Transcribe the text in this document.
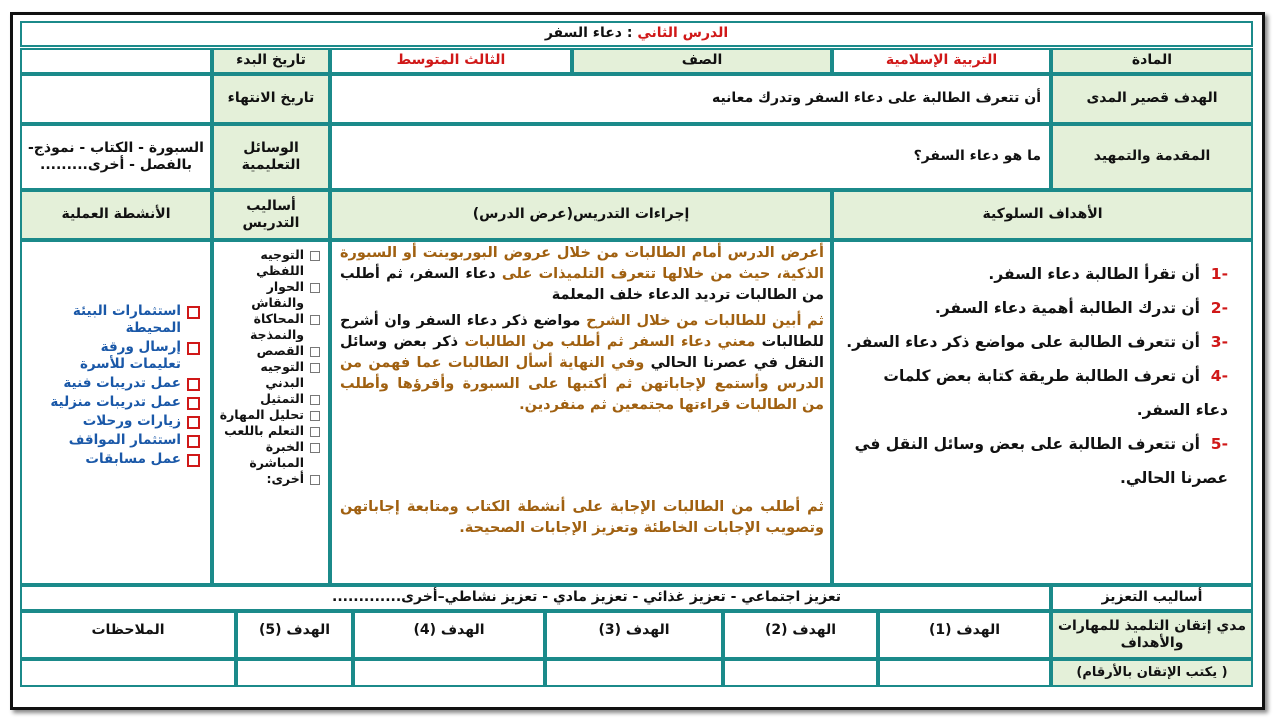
الدرس الثاني : دعاء السفر
المادة
التربية الإسلامية
الصف
الثالث المتوسط
تاريخ البدء
الهدف قصير المدى
أن تتعرف الطالبة على دعاء السفر وتدرك معانيه
تاريخ الانتهاء
المقدمة والتمهيد
ما هو دعاء السفر؟
الوسائل التعليمية
السبورة - الكتاب - نموذج- بالفصل - أخرى.........
الأهداف السلوكية
إجراءات التدريس(عرض الدرس)
أساليب التدريس
الأنشطة العملية
-1  أن تقرأ الطالبة دعاء السفر.
-2  أن تدرك الطالبة أهمية دعاء السفر.
-3  أن تتعرف الطالبة على مواضع ذكر دعاء السفر.
-4  أن تعرف الطالبة طريقة كتابة بعض كلمات دعاء السفر.
-5  أن تتعرف الطالبة على بعض وسائل النقل في عصرنا الحالي.
أعرض الدرس أمام الطالبات من خلال عروض البوربوينت أو السبورة الذكية، حيث من خلالها تتعرف التلميذات على دعاء السفر، ثم أطلب من الطالبات ترديد الدعاء خلف المعلمة
ثم أبين للطالبات من خلال الشرح مواضع ذكر دعاء السفر وان أشرح للطالبات معني دعاء السفر ثم أطلب من الطالبات ذكر بعض وسائل النقل في عصرنا الحالي وفي النهاية أسأل الطالبات عما فهمن من الدرس وأستمع لإجاباتهن ثم أكتبها على السبورة وأقرؤها وأطلب من الطالبات قراءتها مجتمعين ثم منفردين.
ثم أطلب من الطالبات الإجابة على أنشطة الكتاب ومتابعة إجاباتهن وتصويب الإجابات الخاطئة وتعزيز الإجابات الصحيحة.
التوجيه اللفظي
الحوار والنقاش
المحاكاة والنمذجة
القصص
التوجيه البدني
التمثيل
تحليل المهارة
التعلم باللعب
الخبرة المباشرة
أخرى:
استثمارات البيئة المحيطة
إرسال ورقة تعليمات للأسرة
عمل تدريبات فنية
عمل تدريبات منزلية
زيارات ورحلات
استثمار المواقف
عمل مسابقات
أساليب التعزيز
تعزيز اجتماعي - تعزيز غذائي - تعزيز مادي - تعزيز نشاطي–أخرى.............
مدي إتقان التلميذ للمهارات والأهداف
الهدف (1)
الهدف (2)
الهدف (3)
الهدف (4)
الهدف (5)
الملاحظات
( يكتب الإتقان بالأرقام)
